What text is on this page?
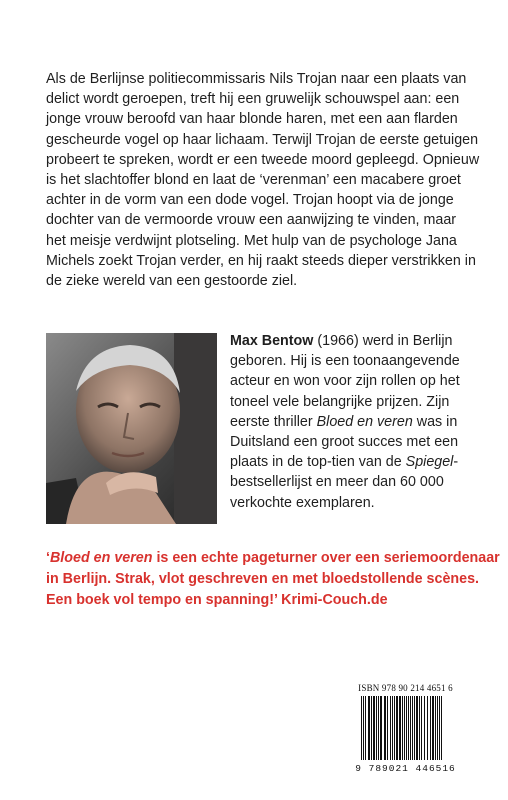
Als de Berlijnse politiecommissaris Nils Trojan naar een plaats van
delict wordt geroepen, treft hij een gruwelijk schouwspel aan: een
jonge vrouw beroofd van haar blonde haren, met een aan flarden
gescheurde vogel op haar lichaam. Terwijl Trojan de eerste getuigen
probeert te spreken, wordt er een tweede moord gepleegd. Opnieuw
is het slachtoffer blond en laat de ‘verenman’ een macabere groet
achter in de vorm van een dode vogel. Trojan hoopt via de jonge
dochter van de vermoorde vrouw een aanwijzing te vinden, maar
het meisje verdwijnt plotseling. Met hulp van de psychologe Jana
Michels zoekt Trojan verder, en hij raakt steeds dieper verstrikken in
de zieke wereld van een gestoorde ziel.
Max Bentow (1966) werd in Berlijn
geboren. Hij is een toonaangevende
acteur en won voor zijn rollen op het
toneel vele belangrijke prijzen. Zijn
eerste thriller Bloed en veren was in
Duitsland een groot succes met een
plaats in de top-tien van de Spiegel-
bestsellerlijst en meer dan 60 000
verkochte exemplaren.
‘Bloed en veren is een echte pageturner over een seriemoordenaar
in Berlijn. Strak, vlot geschreven en met bloedstollende scènes.
Een boek vol tempo en spanning!’ Krimi-Couch.de
ISBN 978 90 214 4651 6
9 789021 446516
